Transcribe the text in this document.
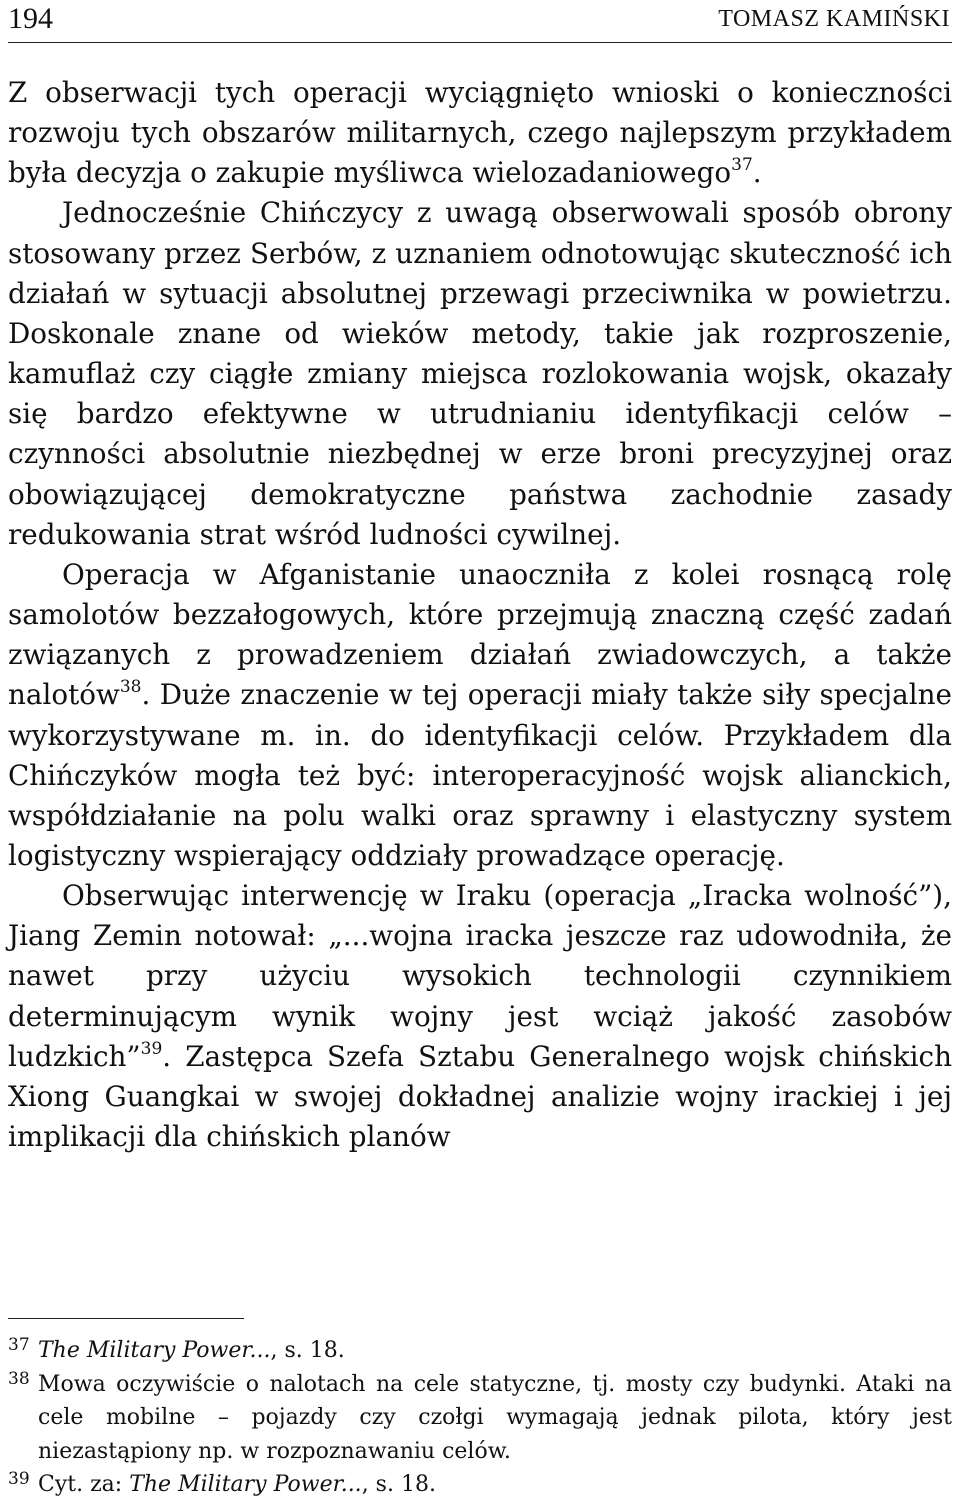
194	TOMASZ KAMIŃSKI

Z obserwacji tych operacji wyciągnięto wnioski o konieczności rozwoju tych obszarów militarnych, czego najlepszym przykładem była decyzja o zakupie myśliwca wielozadaniowego$^{37}$.

Jednocześnie Chińczycy z uwagą obserwowali sposób obrony stosowany przez Serbów, z uznaniem odnotowując skuteczność ich działań w sytuacji absolutnej przewagi przeciwnika w powietrzu. Doskonale znane od wieków metody, takie jak rozproszenie, kamuflaż czy ciągłe zmiany miejsca rozlokowania wojsk, okazały się bardzo efektywne w utrudnianiu identyfikacji celów – czynności absolutnie niezbędnej w erze broni precyzyjnej oraz obowiązującej demokratyczne państwa zachodnie zasady redukowania strat wśród ludności cywilnej.

Operacja w Afganistanie unaoczniła z kolei rosnącą rolę samolotów bezzałogowych, które przejmują znaczną część zadań związanych z prowadzeniem działań zwiadowczych, a także nalotów$^{38}$. Duże znaczenie w tej operacji miały także siły specjalne wykorzystywane m. in. do identyfikacji celów. Przykładem dla Chińczyków mogła też być: interoperacyjność wojsk alianckich, współdziałanie na polu walki oraz sprawny i elastyczny system logistyczny wspierający oddziały prowadzące operację.

Obserwując interwencję w Iraku (operacja „Iracka wolność”), Jiang Zemin notował: „...wojna iracka jeszcze raz udowodniła, że nawet przy użyciu wysokich technologii czynnikiem determinującym wynik wojny jest wciąż jakość zasobów ludzkich”$^{39}$. Zastępca Szefa Sztabu Generalnego wojsk chińskich Xiong Guangkai w swojej dokładnej analizie wojny irackiej i jej implikacji dla chińskich planów

37 The Military Power..., s. 18.
38 Mowa oczywiście o nalotach na cele statyczne, tj. mosty czy budynki. Ataki na cele mobilne – pojazdy czy czołgi wymagają jednak pilota, który jest niezastąpiony np. w rozpoznawaniu celów.
39 Cyt. za: The Military Power..., s. 18.
